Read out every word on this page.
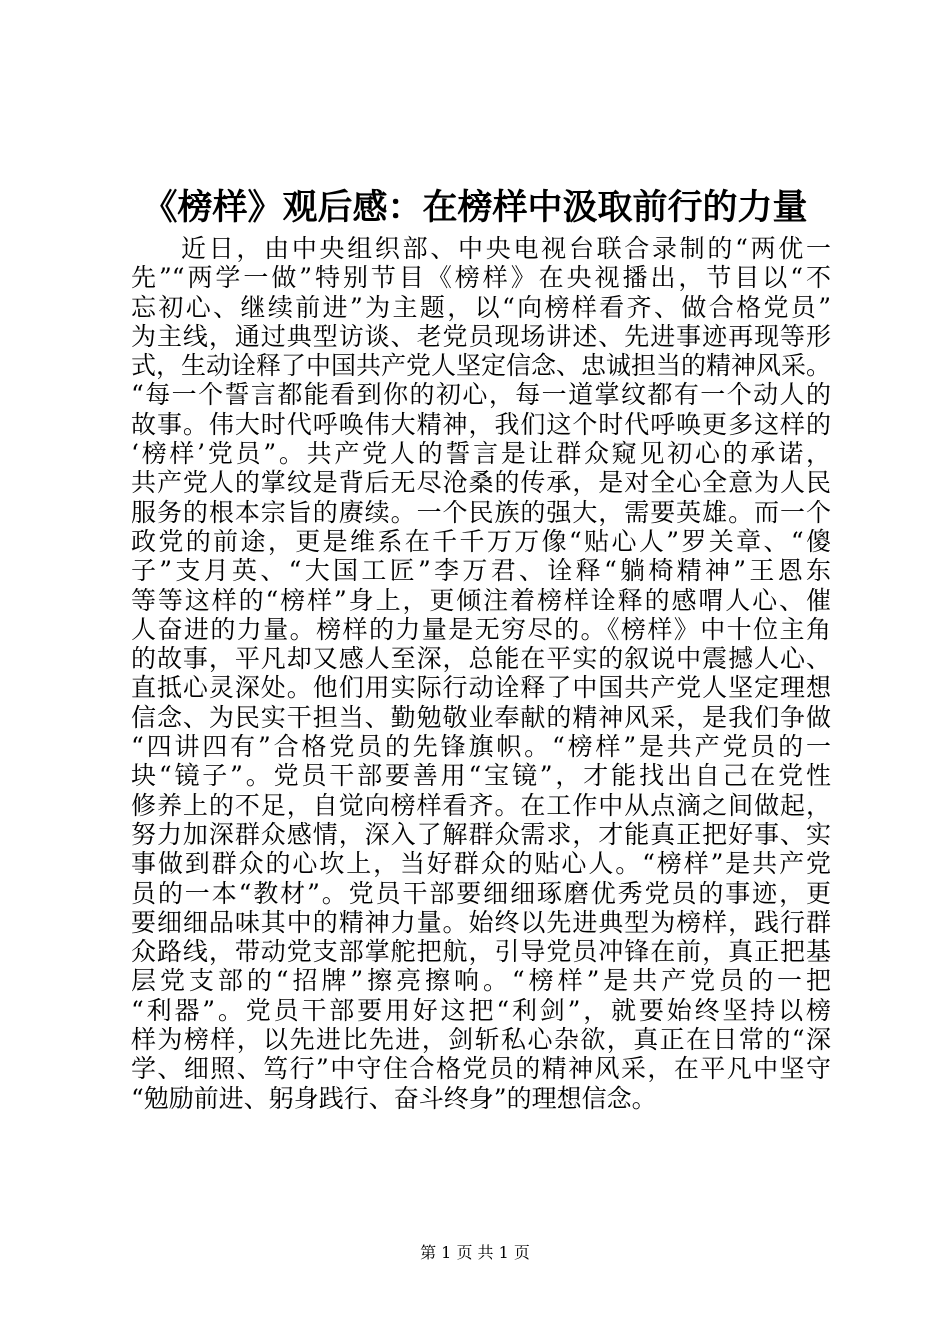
《榜样》观后感：在榜样中汲取前行的力量
近日，由中央组织部、中央电视台联合录制的“两优一
先”“两学一做”特别节目《榜样》在央视播出，节目以“不
忘初心、继续前进”为主题，以“向榜样看齐、做合格党员”
为主线，通过典型访谈、老党员现场讲述、先进事迹再现等形
式，生动诠释了中国共产党人坚定信念、忠诚担当的精神风采。
“每一个誓言都能看到你的初心，每一道掌纹都有一个动人的
故事。伟大时代呼唤伟大精神，我们这个时代呼唤更多这样的
‘榜样’党员”。共产党人的誓言是让群众窥见初心的承诺，
共产党人的掌纹是背后无尽沧桑的传承，是对全心全意为人民
服务的根本宗旨的赓续。一个民族的强大，需要英雄。而一个
政党的前途，更是维系在千千万万像“贴心人”罗关章、“傻
子”支月英、“大国工匠”李万君、诠释“躺椅精神”王恩东
等等这样的“榜样”身上，更倾注着榜样诠释的感喟人心、催
人奋进的力量。榜样的力量是无穷尽的。《榜样》中十位主角
的故事，平凡却又感人至深，总能在平实的叙说中震撼人心、
直抵心灵深处。他们用实际行动诠释了中国共产党人坚定理想
信念、为民实干担当、勤勉敬业奉献的精神风采，是我们争做
“四讲四有”合格党员的先锋旗帜。“榜样”是共产党员的一
块“镜子”。党员干部要善用“宝镜”，才能找出自己在党性
修养上的不足，自觉向榜样看齐。在工作中从点滴之间做起，
努力加深群众感情，深入了解群众需求，才能真正把好事、实
事做到群众的心坎上，当好群众的贴心人。“榜样”是共产党
员的一本“教材”。党员干部要细细琢磨优秀党员的事迹，更
要细细品味其中的精神力量。始终以先进典型为榜样，践行群
众路线，带动党支部掌舵把航，引导党员冲锋在前，真正把基
层党支部的“招牌”擦亮擦响。“榜样”是共产党员的一把
“利器”。党员干部要用好这把“利剑”，就要始终坚持以榜
样为榜样，以先进比先进，剑斩私心杂欲，真正在日常的“深
学、细照、笃行”中守住合格党员的精神风采，在平凡中坚守
“勉励前进、躬身践行、奋斗终身”的理想信念。
第 1 页 共 1 页
